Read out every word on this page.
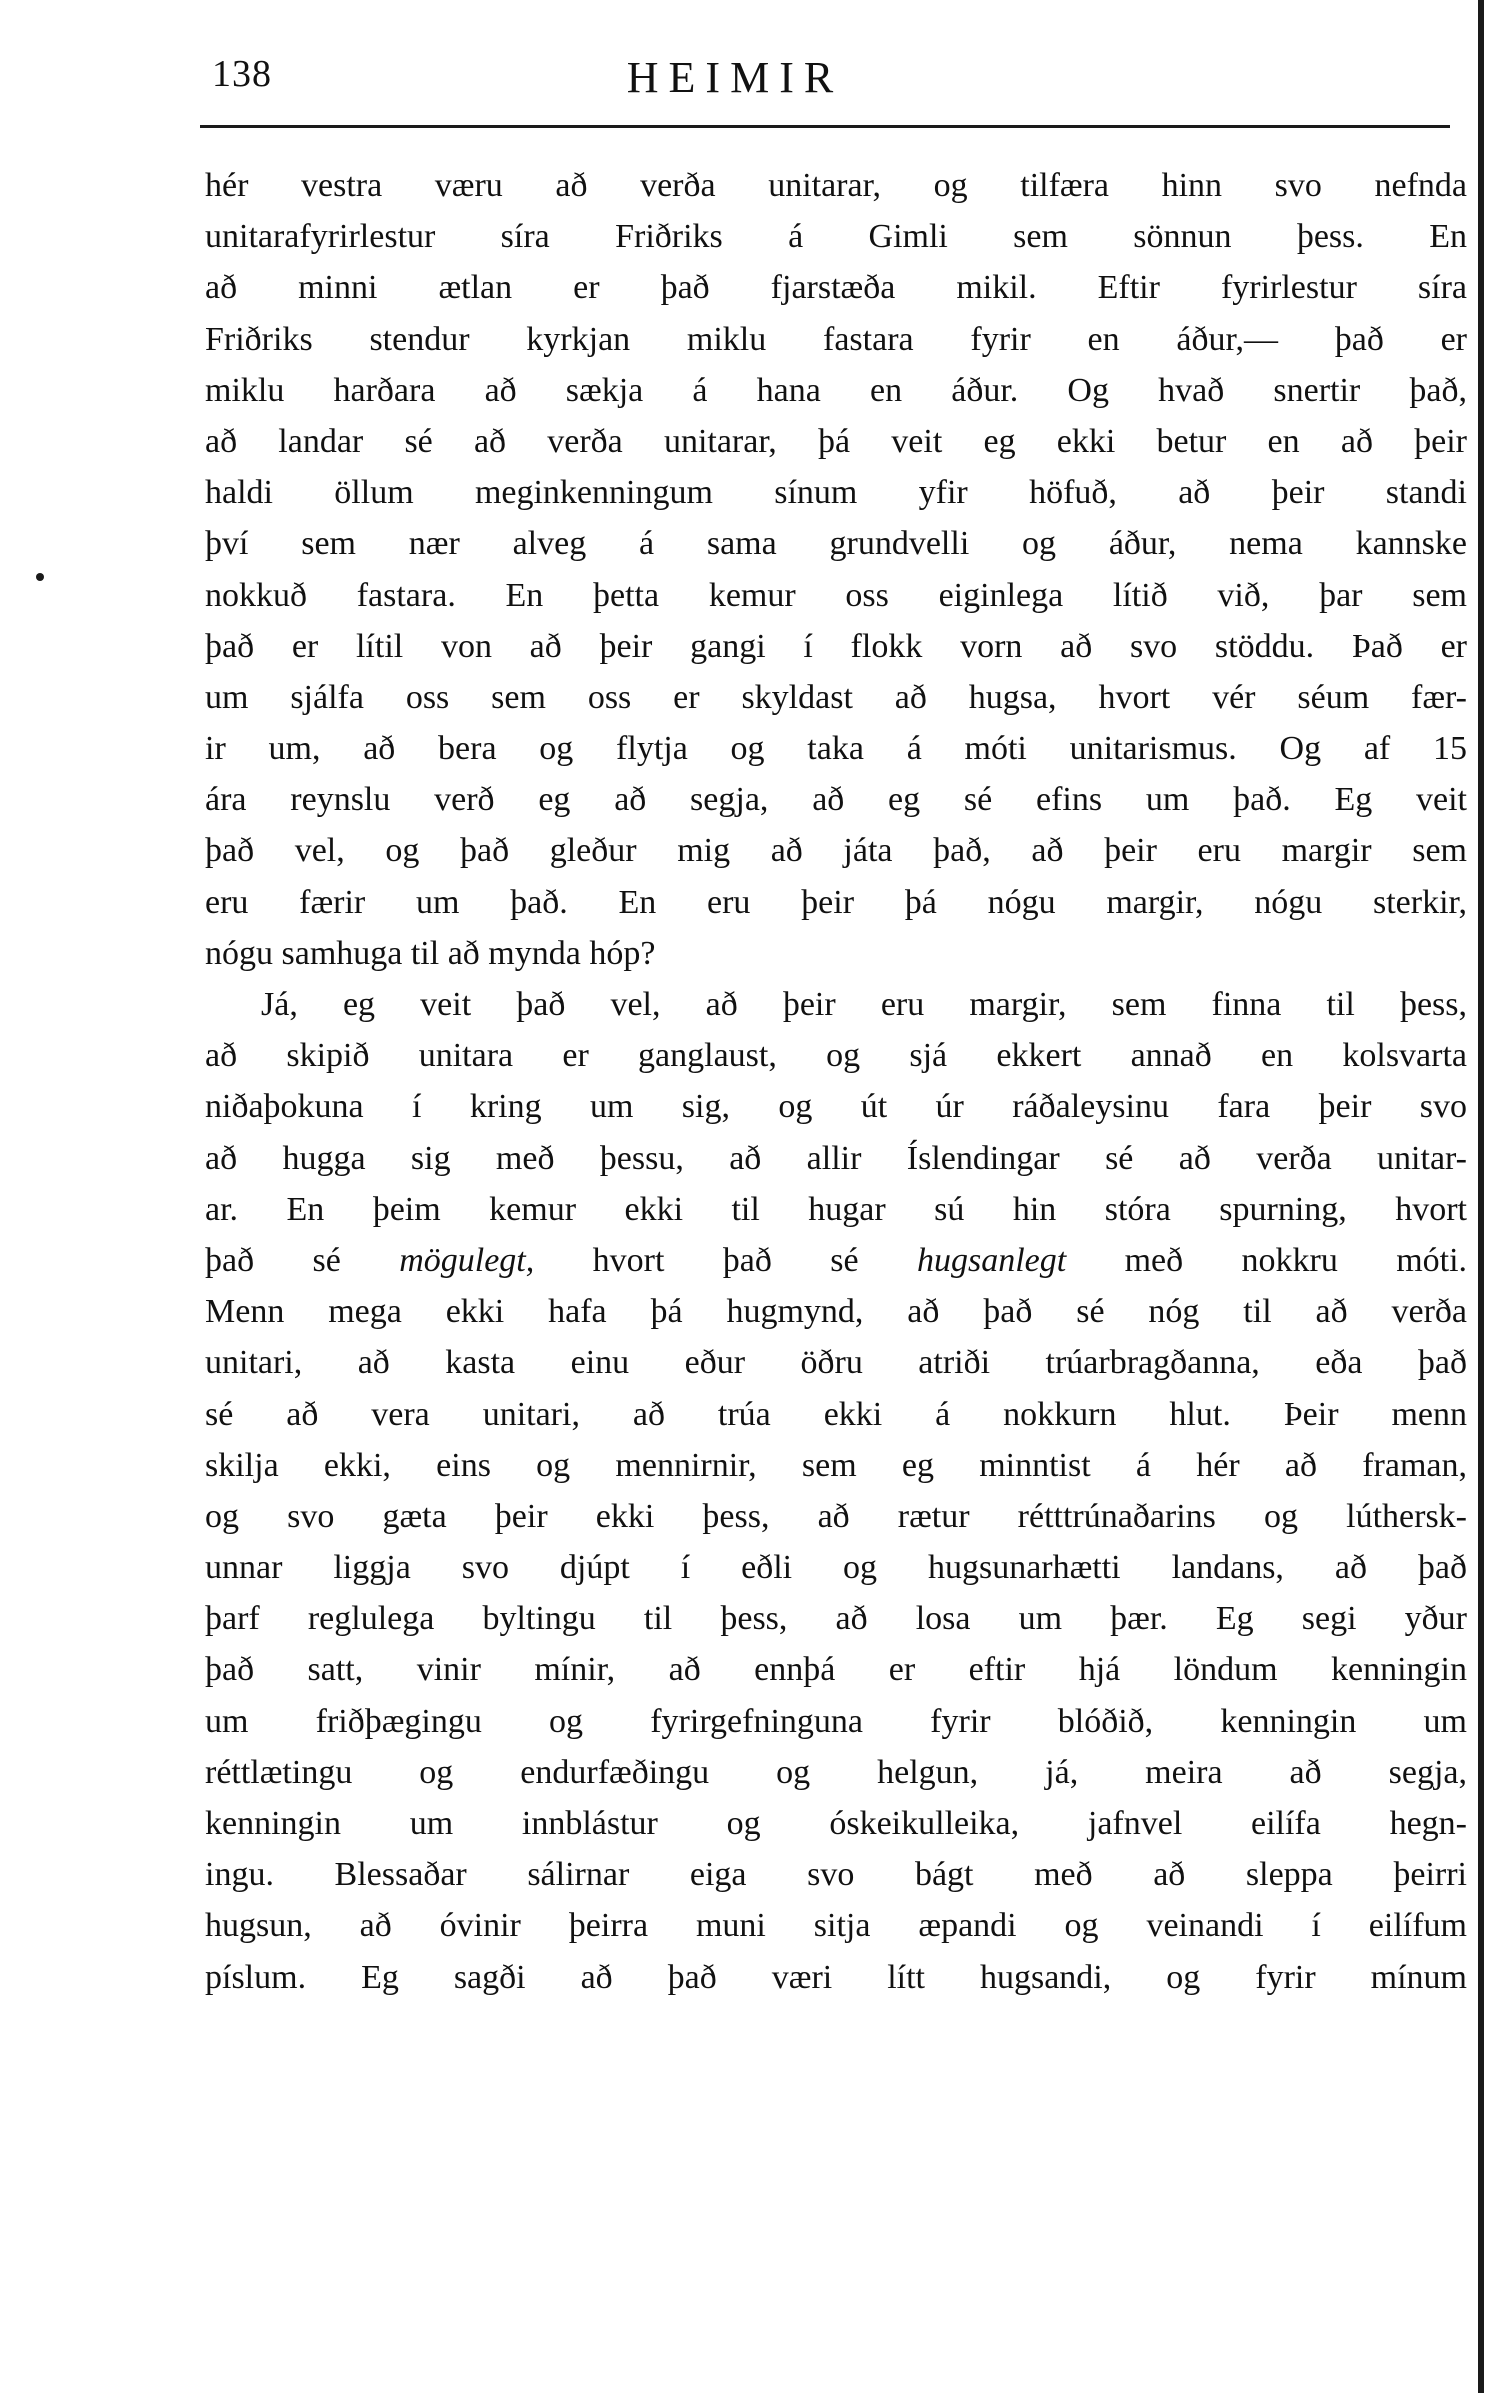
138	HEIMIR
hér vestra væru að verða unitarar, og tilfæra hinn svo nefnda
unitarafyrirlestur síra Friðriks á Gimli sem sönnun þess. En
að minni ætlan er það fjarstæða mikil. Eftir fyrirlestur síra
Friðriks stendur kyrkjan miklu fastara fyrir en áður,— það er
miklu harðara að sækja á hana en áður. Og hvað snertir það,
að landar sé að verða unitarar, þá veit eg ekki betur en að þeir
haldi öllum meginkenningum sínum yfir höfuð, að þeir standi
því sem nær alveg á sama grundvelli og áður, nema kannske
nokkuð fastara. En þetta kemur oss eiginlega lítið við, þar sem
það er lítil von að þeir gangi í flokk vorn að svo stöddu. Það er
um sjálfa oss sem oss er skyldast að hugsa, hvort vér séum fær-
ir um, að bera og flytja og taka á móti unitarismus. Og af 15
ára reynslu verð eg að segja, að eg sé efins um það. Eg veit
það vel, og það gleður mig að játa það, að þeir eru margir sem
eru færir um það. En eru þeir þá nógu margir, nógu sterkir,
nógu samhuga til að mynda hóp?
Já, eg veit það vel, að þeir eru margir, sem finna til þess,
að skipið unitara er ganglaust, og sjá ekkert annað en kolsvarta
niðaþokuna í kring um sig, og út úr ráðaleysinu fara þeir svo
að hugga sig með þessu, að allir Íslendingar sé að verða unitar-
ar. En þeim kemur ekki til hugar sú hin stóra spurning, hvort
það sé mögulegt, hvort það sé hugsanlegt með nokkru móti.
Menn mega ekki hafa þá hugmynd, að það sé nóg til að verða
unitari, að kasta einu eður öðru atriði trúarbragðanna, eða það
sé að vera unitari, að trúa ekki á nokkurn hlut. Þeir menn
skilja ekki, eins og mennirnir, sem eg minntist á hér að framan,
og svo gæta þeir ekki þess, að rætur rétttrúnaðarins og lúthersk-
unnar liggja svo djúpt í eðli og hugsunarhætti landans, að það
þarf reglulega byltingu til þess, að losa um þær. Eg segi yður
það satt, vinir mínir, að ennþá er eftir hjá löndum kenningin
um friðþægingu og fyrirgefninguna fyrir blóðið, kenningin um
réttlætingu og endurfæðingu og helgun, já, meira að segja,
kenningin um innblástur og óskeikulleika, jafnvel eilífa hegn-
ingu. Blessaðar sálirnar eiga svo bágt með að sleppa þeirri
hugsun, að óvinir þeirra muni sitja æpandi og veinandi í eilífum
píslum. Eg sagði að það væri lítt hugsandi, og fyrir mínum
